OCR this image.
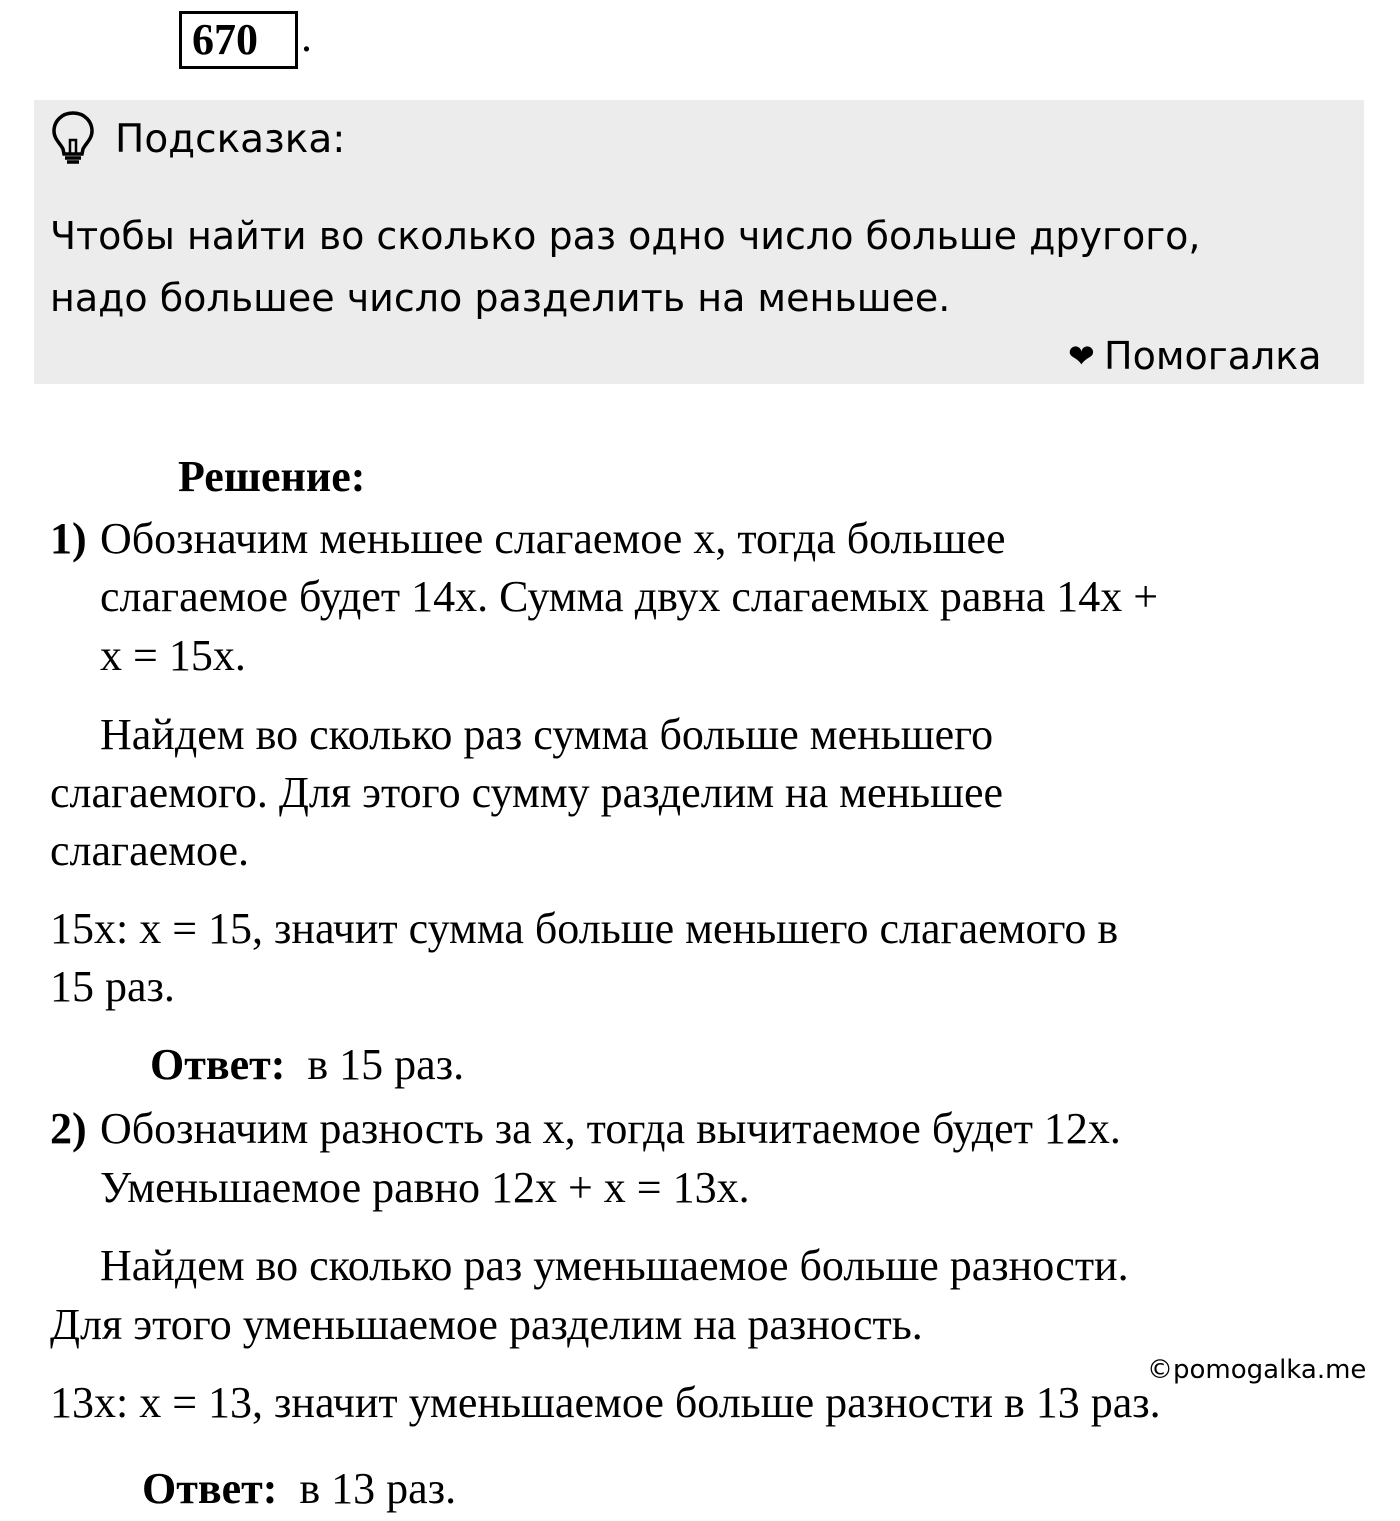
670 .
Подсказка:
Чтобы найти во сколько раз одно число больше другого,
надо большее число разделить на меньшее.
❤ Помогалка
Решение:
1) Обозначим меньшее слагаемое х, тогда большее
слагаемое будет 14x. Сумма двух слагаемых равна 14x +
x = 15x.
Найдем во сколько раз сумма больше меньшего
слагаемого. Для этого сумму разделим на меньшее
слагаемое.
15x: x = 15, значит сумма больше меньшего слагаемого в
15 раз.
Ответ: в 15 раз.
2) Обозначим разность за х, тогда вычитаемое будет 12x.
Уменьшаемое равно 12x + x = 13x.
Найдем во сколько раз уменьшаемое больше разности.
Для этого уменьшаемое разделим на разность.
©pomogalka.me
13x: x = 13, значит уменьшаемое больше разности в 13 раз.
Ответ: в 13 раз.
